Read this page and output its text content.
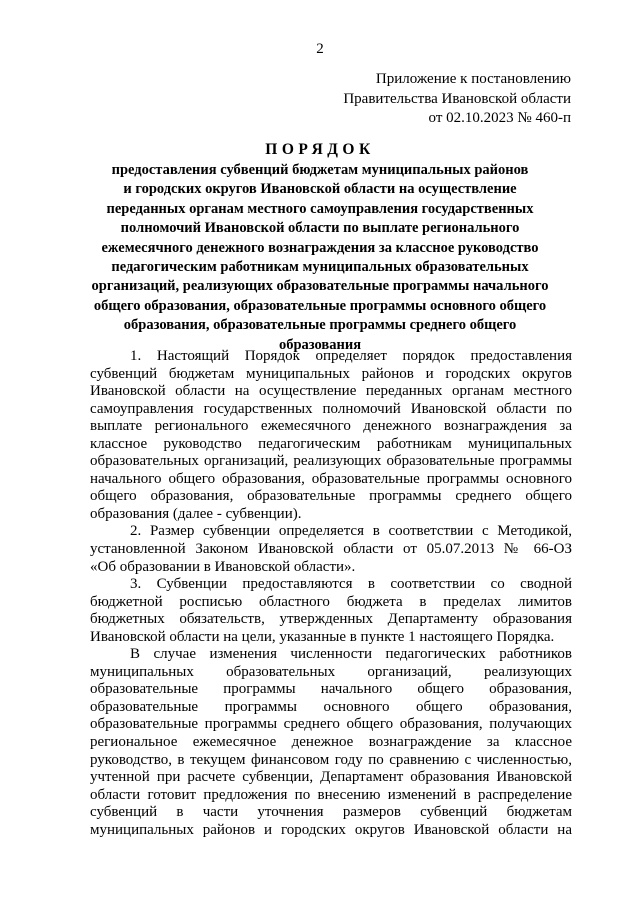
2
Приложение к постановлению
Правительства Ивановской области
от 02.10.2023 № 460-п
ПОРЯДОК
предоставления субвенций бюджетам муниципальных районов
и городских округов Ивановской области на осуществление
переданных органам местного самоуправления государственных
полномочий Ивановской области по выплате регионального
ежемесячного денежного вознаграждения за классное руководство
педагогическим работникам муниципальных образовательных
организаций, реализующих образовательные программы начального
общего образования, образовательные программы основного общего
образования, образовательные программы среднего общего
образования
1. Настоящий Порядок определяет порядок предоставления
субвенций бюджетам муниципальных районов и городских округов
Ивановской области на осуществление переданных органам местного
самоуправления государственных полномочий Ивановской области по
выплате регионального ежемесячного денежного вознаграждения за
классное руководство педагогическим работникам муниципальных
образовательных организаций, реализующих образовательные программы
начального общего образования, образовательные программы основного
общего образования, образовательные программы среднего общего
образования (далее - субвенции).
2. Размер субвенции определяется в соответствии с Методикой,
установленной Законом Ивановской области от 05.07.2013 № 66-ОЗ
«Об образовании в Ивановской области».
3. Субвенции предоставляются в соответствии со сводной
бюджетной росписью областного бюджета в пределах лимитов
бюджетных обязательств, утвержденных Департаменту образования
Ивановской области на цели, указанные в пункте 1 настоящего Порядка.
В случае изменения численности педагогических работников
муниципальных образовательных организаций, реализующих
образовательные программы начального общего образования,
образовательные программы основного общего образования,
образовательные программы среднего общего образования, получающих
региональное ежемесячное денежное вознаграждение за классное
руководство, в текущем финансовом году по сравнению с численностью,
учтенной при расчете субвенции, Департамент образования Ивановской
области готовит предложения по внесению изменений в распределение
субвенций в части уточнения размеров субвенций бюджетам
муниципальных районов и городских округов Ивановской области на
